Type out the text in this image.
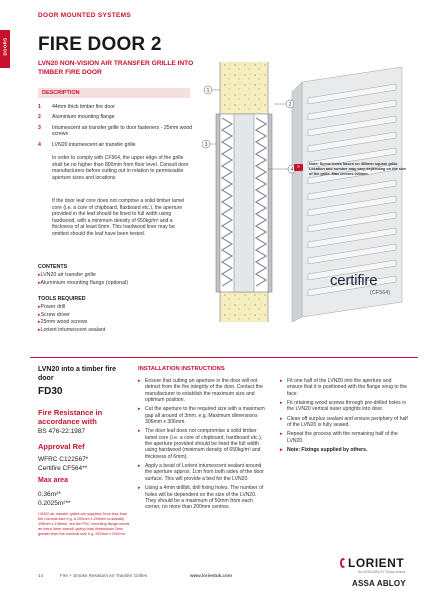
DOORS
DOOR MOUNTED SYSTEMS
FIRE DOOR 2
LVN20 NON-VISION AIR TRANSFER GRILLE INTO TIMBER FIRE DOOR
DESCRIPTION
1	44mm thick timber fire door
2	Aluminium mounting flange
3	Intumescent air transfer grille to door fasteners - 25mm wood screws
4	LVN20 intumescent air transfer grille

In order to comply with CF564, the upper edge of the grille shall be no higher than 800mm from floor level. Consult door manufacturers before cutting out in relation to permissable aperture sizes and locations

If the door leaf core does not comprise a solid timber lamel core (i.e. a core of chipboard, flaxboard etc.), the aperture provided in the leaf should be lined to full width using hardwood, with a minimum density of 650kg/m³ and a thickness of at least 6mm. This hardwood liner may be omitted should the leaf have been tested.

CONTENTS
▸ LVN20 air transfer grille
▸ Aluminium mounting flange (optional)
TOOLS REQUIRED
▸ Power drill
▸ Screw driver
▸ 25mm wood screws
▸ Lorient intumescent sealant
1
2
3
4 »	Note: Screw holes based on 450mm square grille. Location and number may vary depending on the size of the grille. Max centres 200mm.
certifire
(CF564)
LVN20 into a timber fire door
FD30
Fire Resistance in accordance with
BS 476-22:1987
Approval Ref
WFRC C122567*
Certifire CF564**
Max area
0.36m²*
0.2025m²**

LVN20 air transfer grilles are supplied 2mm less than the nominal size e.g. a 200mm x 200mm is actually 198mm x 198mm, but the PVC mounting flange needs an extra 4mm overall, giving total dimensions 2mm greater than the nominal size e.g. 202mm x 202mm.

INSTALLATION INSTRUCTIONS
▸ Ensure that cutting an aperture in the door will not detract from the fire integrity of the door. Contact the manufacturer to establish the maximum size and optimum position.
▸ Cut the aperture to the required size with a maximum gap all around of 3mm. e.g. Maximum dimensions 306mm x 306mm.
▸ The door leaf does not compromise a solid timber lamel core (i.e. a core of chipboard, hardboard etc.), the aperture provided should be lined the full width using hardwood (minimum density of 650kg/m³ and thickness of 6mm).
▸ Apply a bead of Lorient intumescent sealant around the aperture approx. 1cm from both sides of the door surface. This will provide a bed for the LVN20.
▸ Using a 4mm drillbit, drill fixing holes. The number of holes will be dependent on the size of the LVN20. They should be a maximum of 50mm from each corner, no more than 200mm centres.
▸ Fit one half of the LVN20 into the aperture and ensure that it is positioned with the flange snug to the face.
▸ Fit retaining wood screws through pre-drilled holes in the LVN20 vertical outer uprights into door.
▸ Clean off surplus sealant and ensure periphery of half of the LVN20 is fully sealed.
▸ Repeat the process with the remaining half of the LVN20.
▸ Note: Fixings supplied by others.
14	Fire + Smoke Resistant Air Transfer Grilles	www.lorientuk.com
LORIENT
An ASSA ABLOY Group brand
ASSA ABLOY
